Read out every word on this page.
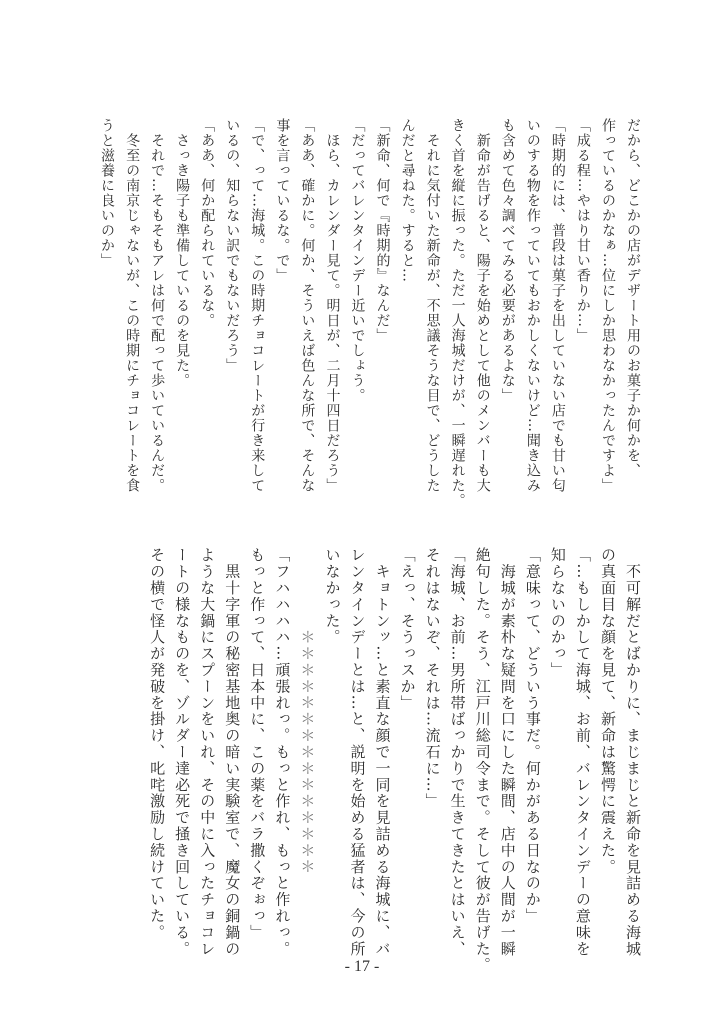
だから、どこかの店がデザート用のお菓子か何かを、
作っているのかなぁ…位にしか思わなかったんですよ」
「成る程…やはり甘い香りか…」
「時期的には、普段は菓子を出していない店でも甘い匂
いのする物を作っていてもおかしくないけど…聞き込み
も含めて色々調べてみる必要があるよな」
　新命が告げると、陽子を始めとして他のメンバーも大
きく首を縦に振った。ただ一人海城だけが、一瞬遅れた。
　それに気付いた新命が、不思議そうな目で、どうした
んだと尋ねた。すると…
「新命、何で『時期的』なんだ」
「だってバレンタインデー近いでしょう。
　ほら、カレンダー見て。明日が、二月十四日だろう」
「ああ、確かに。何か、そういえば色んな所で、そんな
事を言っているな。で」
「で、って…海城。この時期チョコレートが行き来して
いるの、知らない訳でもないだろう」
「ああ、何か配られているな。
　さっき陽子も準備しているのを見た。
　それで…そもそもアレは何で配って歩いているんだ。
　冬至の南京じゃないが、この時期にチョコレートを食
うと滋養に良いのか」
　不可解だとばかりに、まじまじと新命を見詰める海城
の真面目な顔を見て、新命は驚愕に震えた。
「…もしかして海城、お前、バレンタインデーの意味を
知らないのかっ」
「意味って、どういう事だ。何かがある日なのか」
　海城が素朴な疑問を口にした瞬間、店中の人間が一瞬
絶句した。そう、江戸川総司令まで。そして彼が告げた。
「海城、お前…男所帯ばっかりで生きてきたとはいえ、
それはないぞ、それは…流石に…」
「えっ、そうっスか」
　キョトンッ…と素直な顔で一同を見詰める海城に、バ
レンタインデーとは…と、説明を始める猛者は、今の所
いなかった。
＊＊＊＊＊＊＊＊＊＊＊＊＊＊＊
「フハハハハ…頑張れっ。もっと作れ、もっと作れっ。
もっと作って、日本中に、この薬をバラ撒くぞぉっ」
　黒十字軍の秘密基地奥の暗い実験室で、魔女の銅鍋の
ような大鍋にスプーンをいれ、その中に入ったチョコレ
ートの様なものを、ゾルダー達必死で掻き回している。
その横で怪人が発破を掛け、叱咤激励し続けていた。
- 17 -
